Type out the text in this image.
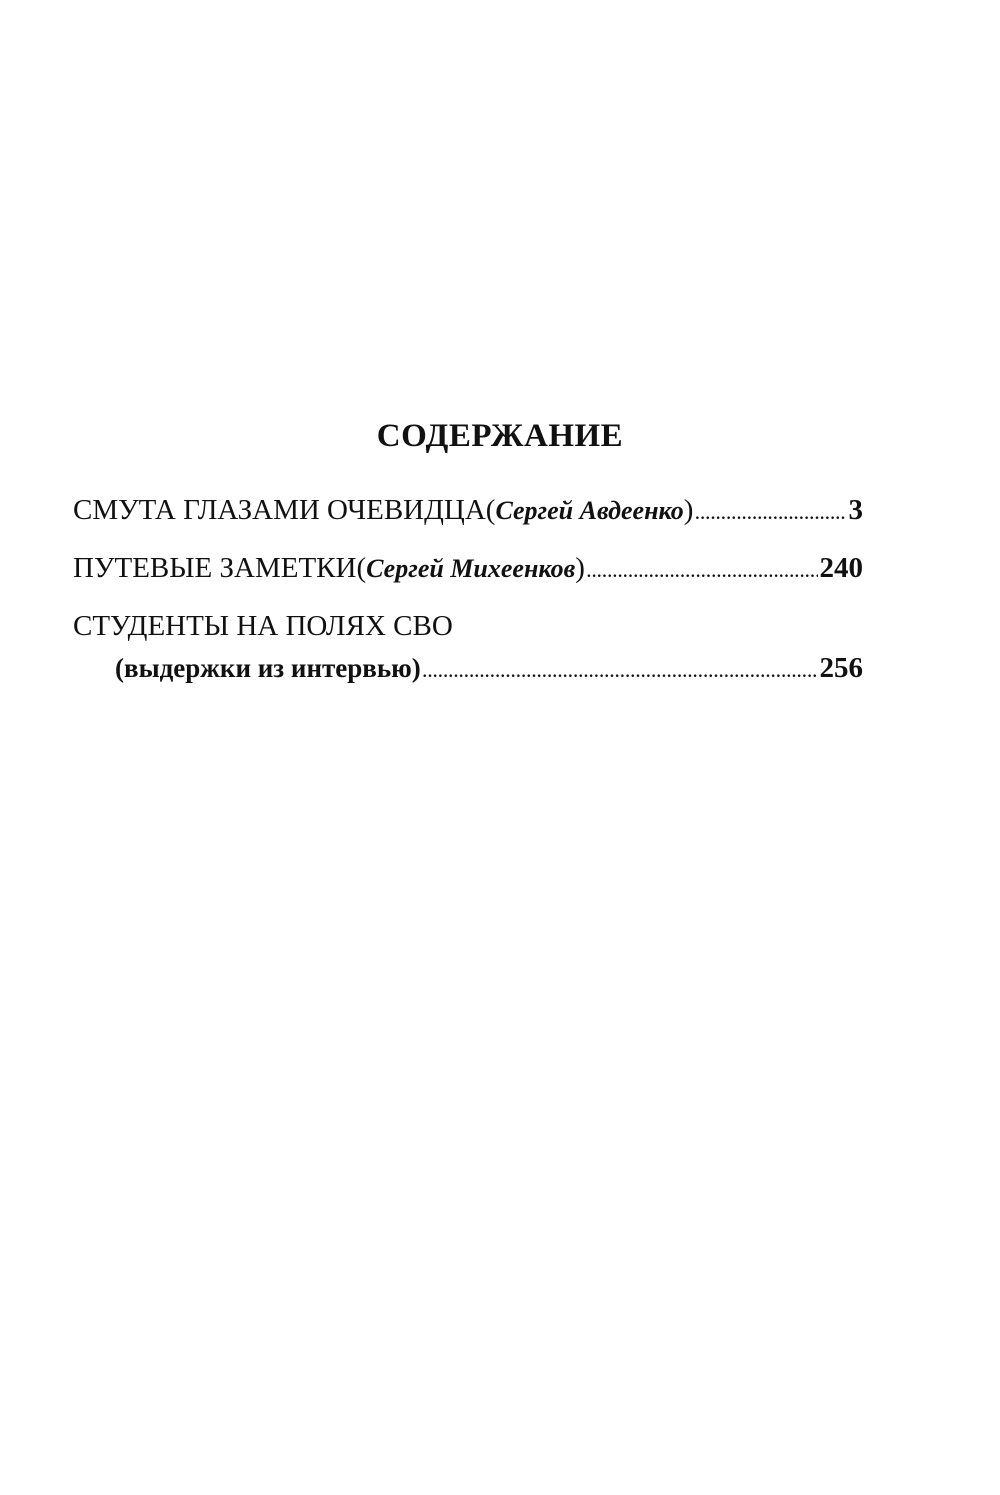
СОДЕРЖАНИЕ
СМУТА ГЛАЗАМИ ОЧЕВИДЦА ( Сергей Авдеенко ) .....	3
ПУТЕВЫЕ ЗАМЕТКИ ( Сергей Михеенков ) .....	240
СТУДЕНТЫ НА ПОЛЯХ СВО
(выдержки из интервью) .....	256
